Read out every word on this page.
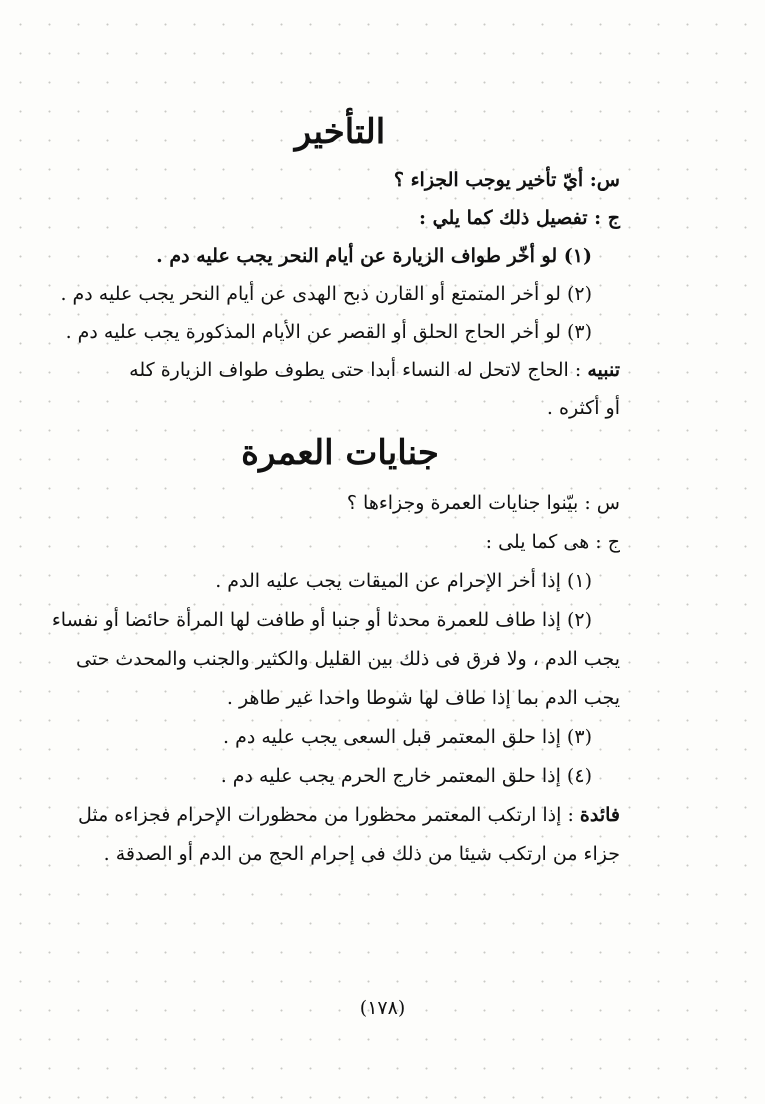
التأخير

س: أيّ تأخير يوجب الجزاء ؟

ج : تفصيل ذلك كما يلي :

(١) لو أخّر طواف الزيارة عن أيام النحر يجب عليه دم .

(٢) لو أخر المتمتع أو القارن ذبح الهدى عن أيام النحر يجب عليه دم .

(٣) لو أخر الحاج الحلق أو القصر عن الأيام المذكورة يجب عليه دم .

تنبيه : الحاج لاتحل له النساء أبدا حتى يطوف طواف الزيارة كله

أو أكثره .

جنايات العمرة

س : بيّنوا جنايات العمرة وجزاءها ؟

ج : هى كما يلى :

(١) إذا أخر الإحرام عن الميقات يجب عليه الدم .

(٢) إذا طاف للعمرة محدثا أو جنبا أو طافت لها المرأة حائضا أو نفساء

يجب الدم ، ولا فرق فى ذلك بين القليل والكثير والجنب والمحدث حتى

يجب الدم بما إذا طاف لها شوطا واحدا غير طاهر .

(٣) إذا حلق المعتمر قبل السعى يجب عليه دم .

(٤) إذا حلق المعتمر خارج الحرم يجب عليه دم .

فائدة : إذا ارتكب المعتمر محظورا من محظورات الإحرام فجزاءه مثل

جزاء من ارتكب شيئا من ذلك فى إحرام الحج من الدم أو الصدقة .

(١٧٨)
